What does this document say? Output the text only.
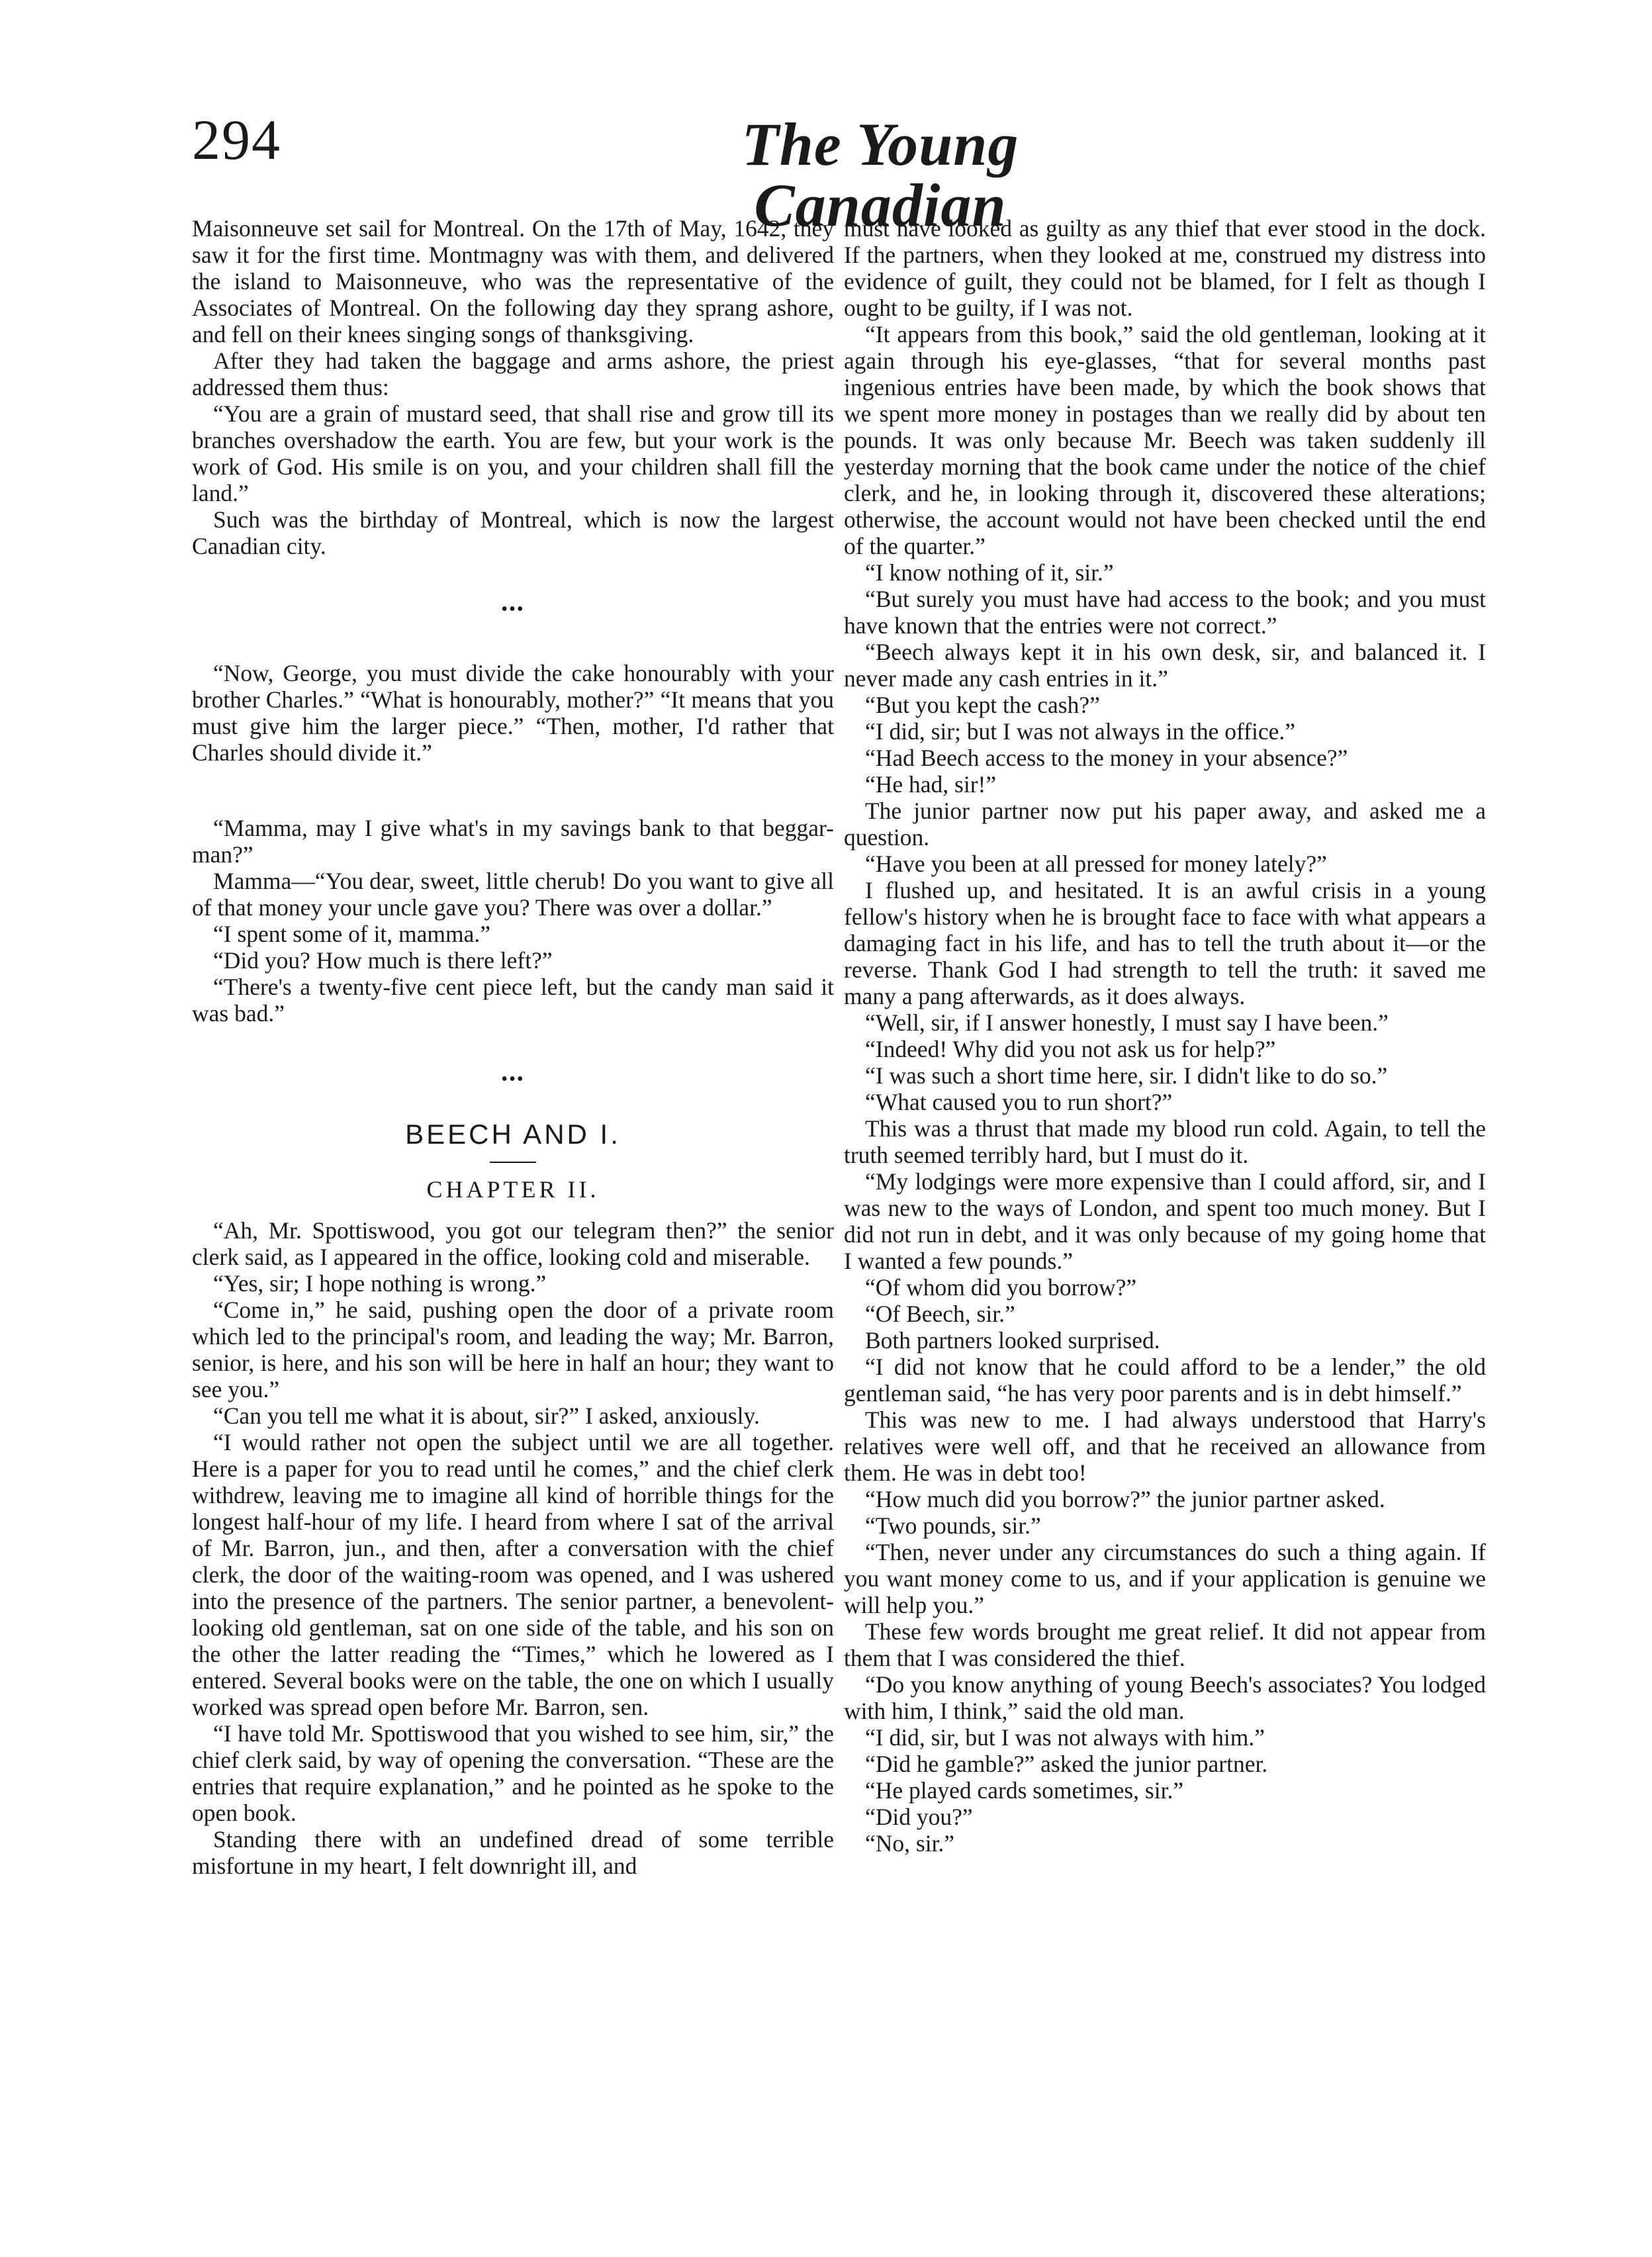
294	The Young Canadian

Maisonneuve set sail for Montreal. On the 17th of May, 1642, they saw it for the first time. Montmagny was with them, and delivered the island to Maisonneuve, who was the representative of the Associates of Montreal. On the following day they sprang ashore, and fell on their knees singing songs of thanksgiving.

After they had taken the baggage and arms ashore, the priest addressed them thus:

“You are a grain of mustard seed, that shall rise and grow till its branches overshadow the earth. You are few, but your work is the work of God. His smile is on you, and your children shall fill the land.”

Such was the birthday of Montreal, which is now the largest Canadian city.

•••

“Now, George, you must divide the cake honourably with your brother Charles.” “What is honourably, mother?” “It means that you must give him the larger piece.” “Then, mother, I'd rather that Charles should divide it.”

“Mamma, may I give what's in my savings bank to that beggar-man?”

Mamma—“You dear, sweet, little cherub! Do you want to give all of that money your uncle gave you? There was over a dollar.”

“I spent some of it, mamma.”

“Did you? How much is there left?”

“There's a twenty-five cent piece left, but the candy man said it was bad.”

•••
BEECH AND I.
CHAPTER II.

“Ah, Mr. Spottiswood, you got our telegram then?” the senior clerk said, as I appeared in the office, looking cold and miserable.

“Yes, sir; I hope nothing is wrong.”

“Come in,” he said, pushing open the door of a private room which led to the principal's room, and leading the way; Mr. Barron, senior, is here, and his son will be here in half an hour; they want to see you.”

“Can you tell me what it is about, sir?” I asked, anxiously.

“I would rather not open the subject until we are all together. Here is a paper for you to read until he comes,” and the chief clerk withdrew, leaving me to imagine all kind of horrible things for the longest half-hour of my life. I heard from where I sat of the arrival of Mr. Barron, jun., and then, after a conversation with the chief clerk, the door of the waiting-room was opened, and I was ushered into the presence of the partners. The senior partner, a benevolent-looking old gentleman, sat on one side of the table, and his son on the other the latter reading the “Times,” which he lowered as I entered. Several books were on the table, the one on which I usually worked was spread open before Mr. Barron, sen.

“I have told Mr. Spottiswood that you wished to see him, sir,” the chief clerk said, by way of opening the conversation. “These are the entries that require explanation,” and he pointed as he spoke to the open book.

Standing there with an undefined dread of some terrible misfortune in my heart, I felt downright ill, and

must have looked as guilty as any thief that ever stood in the dock. If the partners, when they looked at me, construed my distress into evidence of guilt, they could not be blamed, for I felt as though I ought to be guilty, if I was not.

“It appears from this book,” said the old gentleman, looking at it again through his eye-glasses, “that for several months past ingenious entries have been made, by which the book shows that we spent more money in postages than we really did by about ten pounds. It was only because Mr. Beech was taken suddenly ill yesterday morning that the book came under the notice of the chief clerk, and he, in looking through it, discovered these alterations; otherwise, the account would not have been checked until the end of the quarter.”

“I know nothing of it, sir.”

“But surely you must have had access to the book; and you must have known that the entries were not correct.”

“Beech always kept it in his own desk, sir, and balanced it. I never made any cash entries in it.”

“But you kept the cash?”

“I did, sir; but I was not always in the office.”

“Had Beech access to the money in your absence?”

“He had, sir!”

The junior partner now put his paper away, and asked me a question.

“Have you been at all pressed for money lately?”

I flushed up, and hesitated. It is an awful crisis in a young fellow's history when he is brought face to face with what appears a damaging fact in his life, and has to tell the truth about it—or the reverse. Thank God I had strength to tell the truth: it saved me many a pang afterwards, as it does always.

“Well, sir, if I answer honestly, I must say I have been.”

“Indeed! Why did you not ask us for help?”

“I was such a short time here, sir. I didn't like to do so.”

“What caused you to run short?”

This was a thrust that made my blood run cold. Again, to tell the truth seemed terribly hard, but I must do it.

“My lodgings were more expensive than I could afford, sir, and I was new to the ways of London, and spent too much money. But I did not run in debt, and it was only because of my going home that I wanted a few pounds.”

“Of whom did you borrow?”

“Of Beech, sir.”

Both partners looked surprised.

“I did not know that he could afford to be a lender,” the old gentleman said, “he has very poor parents and is in debt himself.”

This was new to me. I had always understood that Harry's relatives were well off, and that he received an allowance from them. He was in debt too!

“How much did you borrow?” the junior partner asked.

“Two pounds, sir.”

“Then, never under any circumstances do such a thing again. If you want money come to us, and if your application is genuine we will help you.”

These few words brought me great relief. It did not appear from them that I was considered the thief.

“Do you know anything of young Beech's associates? You lodged with him, I think,” said the old man.

“I did, sir, but I was not always with him.”

“Did he gamble?” asked the junior partner.

“He played cards sometimes, sir.”

“Did you?”

“No, sir.”
